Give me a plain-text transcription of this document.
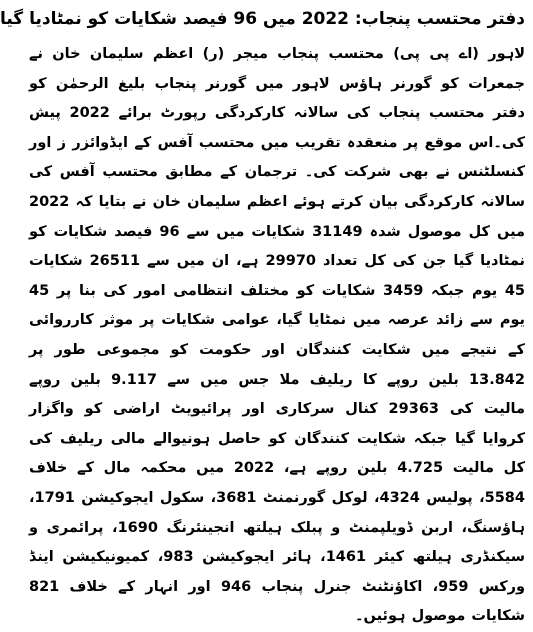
دفتر محتسب پنجاب: 2022 میں 96 فیصد شکایات کو نمٹادیا گیا

لاہور (اے پی پی) محتسب پنجاب میجر (ر) اعظم سلیمان خان نے جمعرات کو گورنر ہاؤس لاہور میں گورنر پنجاب بلیغ الرحمٰن کو دفتر محتسب پنجاب کی سالانہ کارکردگی رپورٹ برائے 2022 پیش کی۔اس موقع پر منعقدہ تقریب میں محتسب آفس کے ایڈوائزر ز اور کنسلٹنس نے بھی شرکت کی۔ ترجمان کے مطابق محتسب آفس کی سالانہ کارکردگی بیان کرتے ہوئے اعظم سلیمان خان نے بتایا کہ 2022 میں کل موصول شدہ 31149 شکایات میں سے 96 فیصد شکایات کو نمٹادیا گیا جن کی کل تعداد 29970 ہے، ان میں سے 26511 شکایات 45 یوم جبکہ 3459 شکایات کو مختلف انتظامی امور کی بنا پر 45 یوم سے زائد عرصہ میں نمٹایا گیا، عوامی شکایات پر موثر کارروائی کے نتیجے میں شکایت کنندگان اور حکومت کو مجموعی طور پر 13.842 بلین روپے کا ریلیف ملا جس میں سے 9.117 بلین روپے مالیت کی 29363 کنال سرکاری اور پرائیویٹ اراضی کو واگزار کروایا گیا جبکہ شکایت کنندگان کو حاصل ہونیوالے مالی ریلیف کی کل مالیت 4.725 بلین روپے ہے، 2022 میں محکمہ مال کے خلاف 5584، پولیس 4324، لوکل گورنمنٹ 3681، سکول ایجوکیشن 1791، ہاؤسنگ، اربن ڈویلپمنٹ و پبلک ہیلتھ انجینئرنگ 1690، پرائمری و سیکنڈری ہیلتھ کیئر 1461، ہائر ایجوکیشن 983، کمیونیکیشن اینڈ ورکس 959، اکاؤنٹنٹ جنرل پنجاب 946 اور انہار کے خلاف 821 شکایات موصول ہوئیں۔
